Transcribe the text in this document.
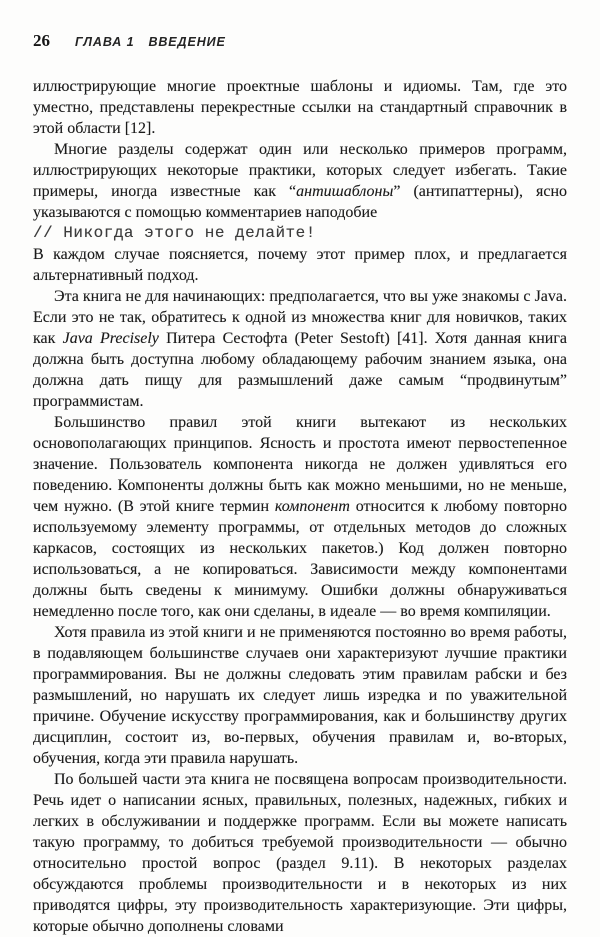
26 ГЛАВА 1 ВВЕДЕНИЕ

иллюстрирующие многие проектные шаблоны и идиомы. Там, где это уместно, представлены перекрестные ссылки на стандартный справочник в этой области [12].

Многие разделы содержат один или несколько примеров программ, иллюстрирующих некоторые практики, которых следует избегать. Такие примеры, иногда известные как “антишаблоны” (антипаттерны), ясно указываются с помощью комментариев наподобие

// Никогда этого не делайте!

В каждом случае поясняется, почему этот пример плох, и предлагается альтернативный подход.

Эта книга не для начинающих: предполагается, что вы уже знакомы с Java. Если это не так, обратитесь к одной из множества книг для новичков, таких как Java Precisely Питера Сестофта (Peter Sestoft) [41]. Хотя данная книга должна быть доступна любому обладающему рабочим знанием языка, она должна дать пищу для размышлений даже самым “продвинутым” программистам.

Большинство правил этой книги вытекают из нескольких основополагающих принципов. Ясность и простота имеют первостепенное значение. Пользователь компонента никогда не должен удивляться его поведению. Компоненты должны быть как можно меньшими, но не меньше, чем нужно. (В этой книге термин компонент относится к любому повторно используемому элементу программы, от отдельных методов до сложных каркасов, состоящих из нескольких пакетов.) Код должен повторно использоваться, а не копироваться. Зависимости между компонентами должны быть сведены к минимуму. Ошибки должны обнаруживаться немедленно после того, как они сделаны, в идеале — во время компиляции.

Хотя правила из этой книги и не применяются постоянно во время работы, в подавляющем большинстве случаев они характеризуют лучшие практики программирования. Вы не должны следовать этим правилам рабски и без размышлений, но нарушать их следует лишь изредка и по уважительной причине. Обучение искусству программирования, как и большинству других дисциплин, состоит из, во-первых, обучения правилам и, во-вторых, обучения, когда эти правила нарушать.

По большей части эта книга не посвящена вопросам производительности. Речь идет о написании ясных, правильных, полезных, надежных, гибких и легких в обслуживании и поддержке программ. Если вы можете написать такую программу, то добиться требуемой производительности — обычно относительно простой вопрос (раздел 9.11). В некоторых разделах обсуждаются проблемы производительности и в некоторых из них приводятся цифры, эту производительность характеризующие. Эти цифры, которые обычно дополнены словами
